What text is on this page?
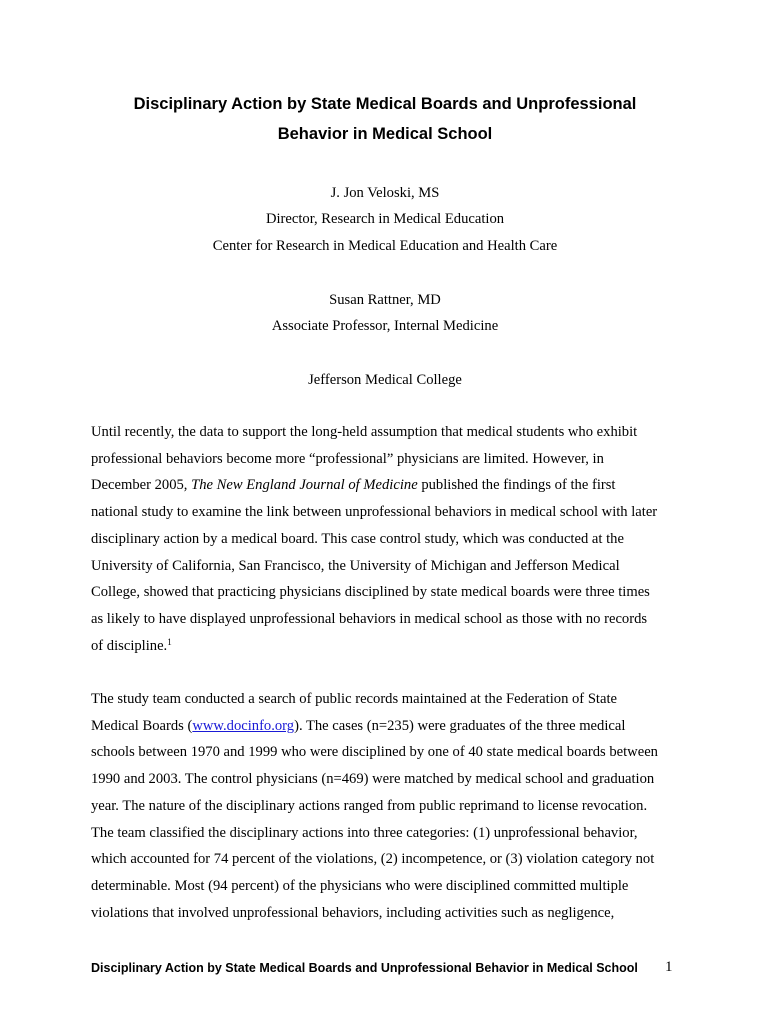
Disciplinary Action by State Medical Boards and Unprofessional
Behavior in Medical School
J. Jon Veloski, MS
Director, Research in Medical Education
Center for Research in Medical Education and Health Care
Susan Rattner, MD
Associate Professor, Internal Medicine
Jefferson Medical College
Until recently, the data to support the long-held assumption that medical students who exhibit
professional behaviors become more “professional” physicians are limited. However, in
December 2005, The New England Journal of Medicine published the findings of the first
national study to examine the link between unprofessional behaviors in medical school with later
disciplinary action by a medical board. This case control study, which was conducted at the
University of California, San Francisco, the University of Michigan and Jefferson Medical
College, showed that practicing physicians disciplined by state medical boards were three times
as likely to have displayed unprofessional behaviors in medical school as those with no records
of discipline.$^1$
The study team conducted a search of public records maintained at the Federation of State
Medical Boards (www.docinfo.org). The cases (n=235) were graduates of the three medical
schools between 1970 and 1999 who were disciplined by one of 40 state medical boards between
1990 and 2003. The control physicians (n=469) were matched by medical school and graduation
year. The nature of the disciplinary actions ranged from public reprimand to license revocation.
The team classified the disciplinary actions into three categories: (1) unprofessional behavior,
which accounted for 74 percent of the violations, (2) incompetence, or (3) violation category not
determinable. Most (94 percent) of the physicians who were disciplined committed multiple
violations that involved unprofessional behaviors, including activities such as negligence,
Disciplinary Action by State Medical Boards and Unprofessional Behavior in Medical School 1
